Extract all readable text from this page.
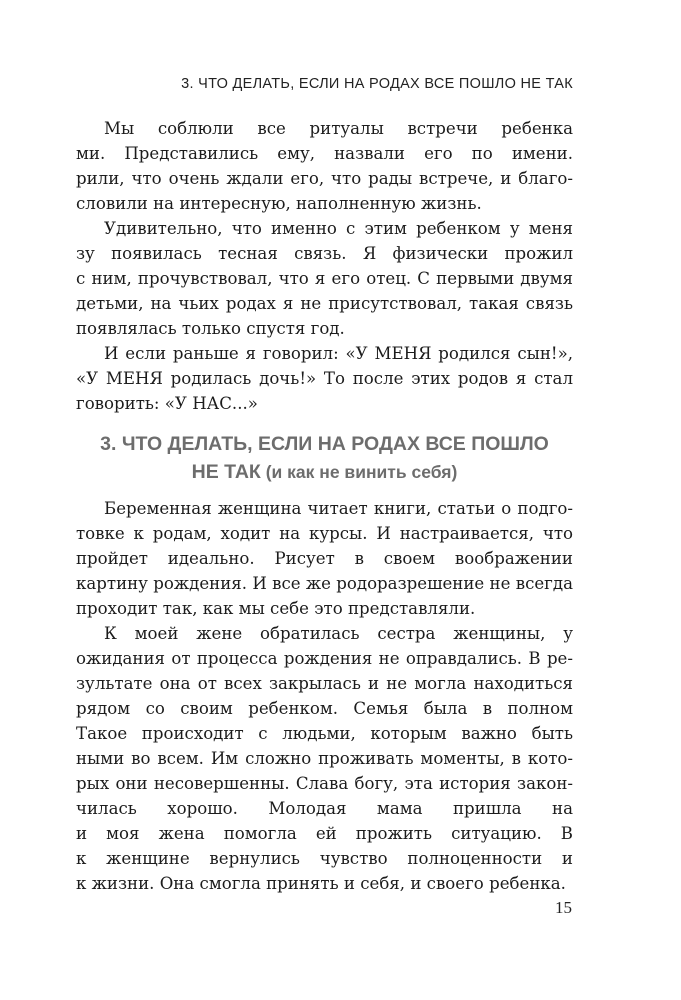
3. ЧТО ДЕЛАТЬ, ЕСЛИ НА РОДАХ ВСЕ ПОШЛО НЕ ТАК
Мы соблюли все ритуалы встречи ребенка
ми. Представились ему, назвали его по имени.
рили, что очень ждали его, что рады встрече, и благо-
словили на интересную, наполненную жизнь.
Удивительно, что именно с этим ребенком у меня
зу появилась тесная связь. Я физически прожил
с ним, прочувствовал, что я его отец. С первыми двумя
детьми, на чьих родах я не присутствовал, такая связь
появлялась только спустя год.
И если раньше я говорил: «У МЕНЯ родился сын!»,
«У МЕНЯ родилась дочь!» То после этих родов я стал
говорить: «У НАС...»
3. ЧТО ДЕЛАТЬ, ЕСЛИ НА РОДАХ ВСЕ ПОШЛО
НЕ ТАК (и как не винить себя)
Беременная женщина читает книги, статьи о подго-
товке к родам, ходит на курсы. И настраивается, что
пройдет идеально. Рисует в своем воображении
картину рождения. И все же родоразрешение не всегда
проходит так, как мы себе это представляли.
К моей жене обратилась сестра женщины, у
ожидания от процесса рождения не оправдались. В ре-
зультате она от всех закрылась и не могла находиться
рядом со своим ребенком. Семья была в полном
Такое происходит с людьми, которым важно быть
ными во всем. Им сложно проживать моменты, в кото-
рых они несовершенны. Слава богу, эта история закон-
чилась хорошо. Молодая мама пришла на
и моя жена помогла ей прожить ситуацию. В
к женщине вернулись чувство полноценности и
к жизни. Она смогла принять и себя, и своего ребенка.
15
